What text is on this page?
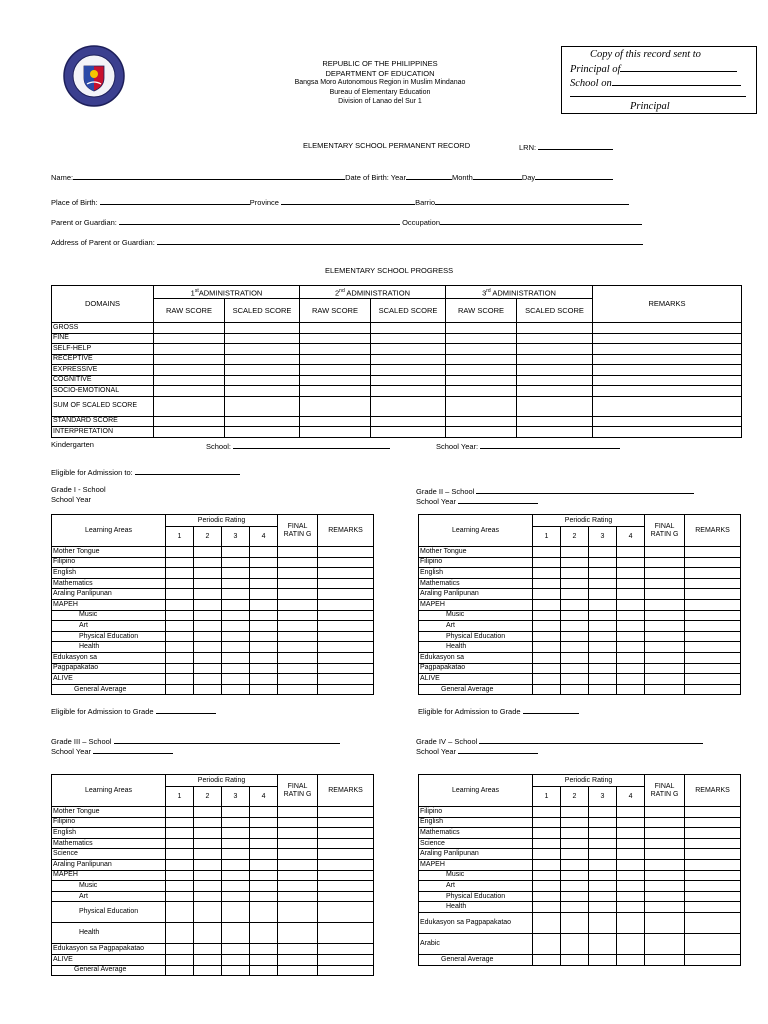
REPUBLIC OF THE PHILIPPINES
DEPARTMENT OF EDUCATION
Bangsa Moro Autonomous Region in Muslim Mindanao
Bureau of Elementary Education
Division of Lanao del Sur 1
Copy of this record sent to
Principal of
School on
Principal
ELEMENTARY SCHOOL PERMANENT RECORD	LRN:
Name:	Date of Birth: Year	Month	Day
Place of Birth:	Province	Barrio
Parent or Guardian:	Occupation
Address of Parent or Guardian:
ELEMENTARY SCHOOL PROGRESS
DOMAINS	1stADMINISTRATION		2nd ADMINISTRATION		3rd ADMINISTRATION		REMARKS
	RAW SCORE	SCALED SCORE	RAW SCORE	SCALED SCORE	RAW SCORE	SCALED SCORE	
GROSS							
FINE							
SELF-HELP							
RECEPTIVE							
EXPRESSIVE							
COGNITIVE							
SOCIO-EMOTIONAL							
SUM OF SCALED SCORE							
STANDARD SCORE							
INTERPRETATION							
Kindergarten	School:	School Year:
Eligible for Admission to:
Grade I - School
School Year
Grade II – School
School Year
Learning Areas	Periodic Rating				FINAL RATIN G	REMARKS
	1	2	3	4		
Mother Tongue						
Filipino						
English						
Mathematics						
Araling Panlipunan						
MAPEH						
Music						
Art						
Physical Education						
Health						
Edukasyon sa						
Pagpapakatao						
ALIVE						
General Average						
Learning Areas	Periodic Rating				FINAL RATIN G	REMARKS
	1	2	3	4		
Mother Tongue						
Filipino						
English						
Mathematics						
Araling Panlipunan						
MAPEH						
Music						
Art						
Physical Education						
Health						
Edukasyon sa						
Pagpapakatao						
ALIVE						
General Average						
Eligible for Admission to Grade	Eligible for Admission to Grade
Grade III – School
School Year
Grade IV – School
School Year
Learning Areas	Periodic Rating				FINAL RATIN G	REMARKS
	1	2	3	4		
Mother Tongue						
Filipino						
English						
Mathematics						
Science						
Araling Panlipunan						
MAPEH						
Music						
Art						
Physical Education						
Health						
Edukasyon sa Pagpapakatao						
ALIVE						
General Average						
Learning Areas	Periodic Rating				FINAL RATIN G	REMARKS
	1	2	3	4		
Filipino						
English						
Mathematics						
Science						
Araling Panlipunan						
MAPEH						
Music						
Art						
Physical Education						
Health						
Edukasyon sa Pagpapakatao						
Arabic						
General Average						
